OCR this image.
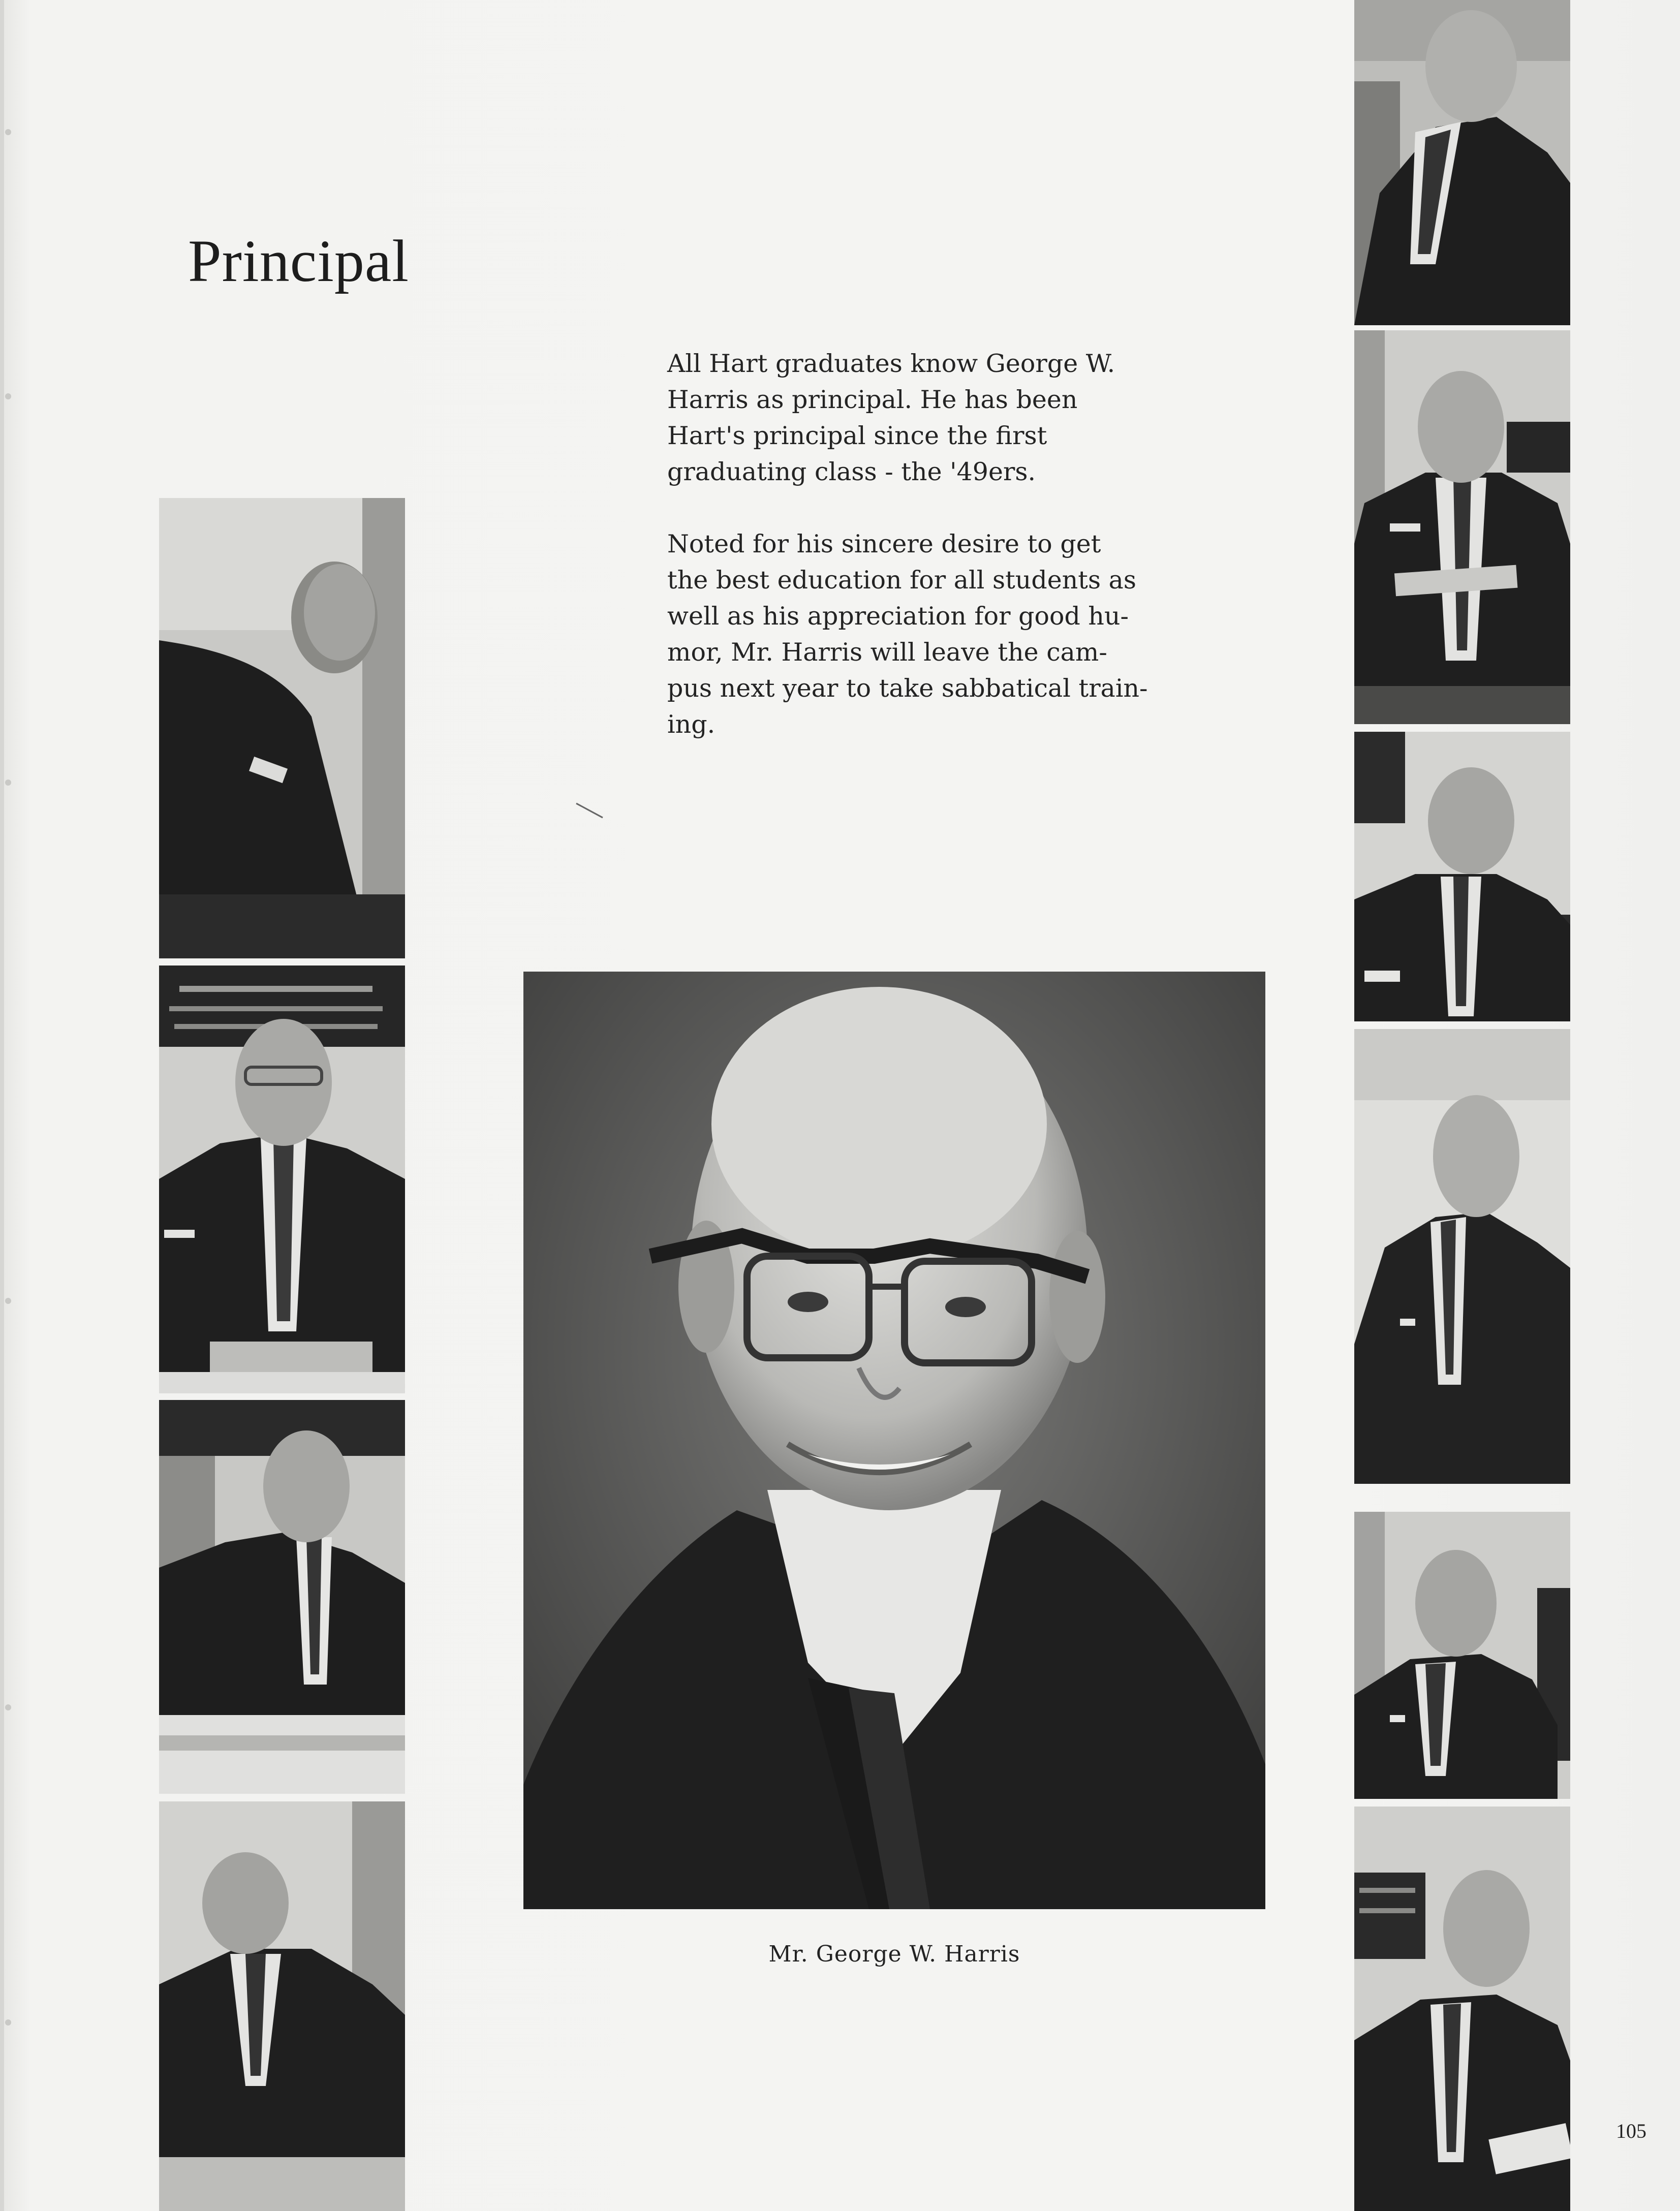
Principal

All Hart graduates know George W.
Harris as principal. He has been
Hart's principal since the first
graduating class - the '49ers.

Noted for his sincere desire to get
the best education for all students as
well as his appreciation for good hu-
mor, Mr. Harris will leave the cam-
pus next year to take sabbatical train-
ing.

Mr. George W. Harris
105
